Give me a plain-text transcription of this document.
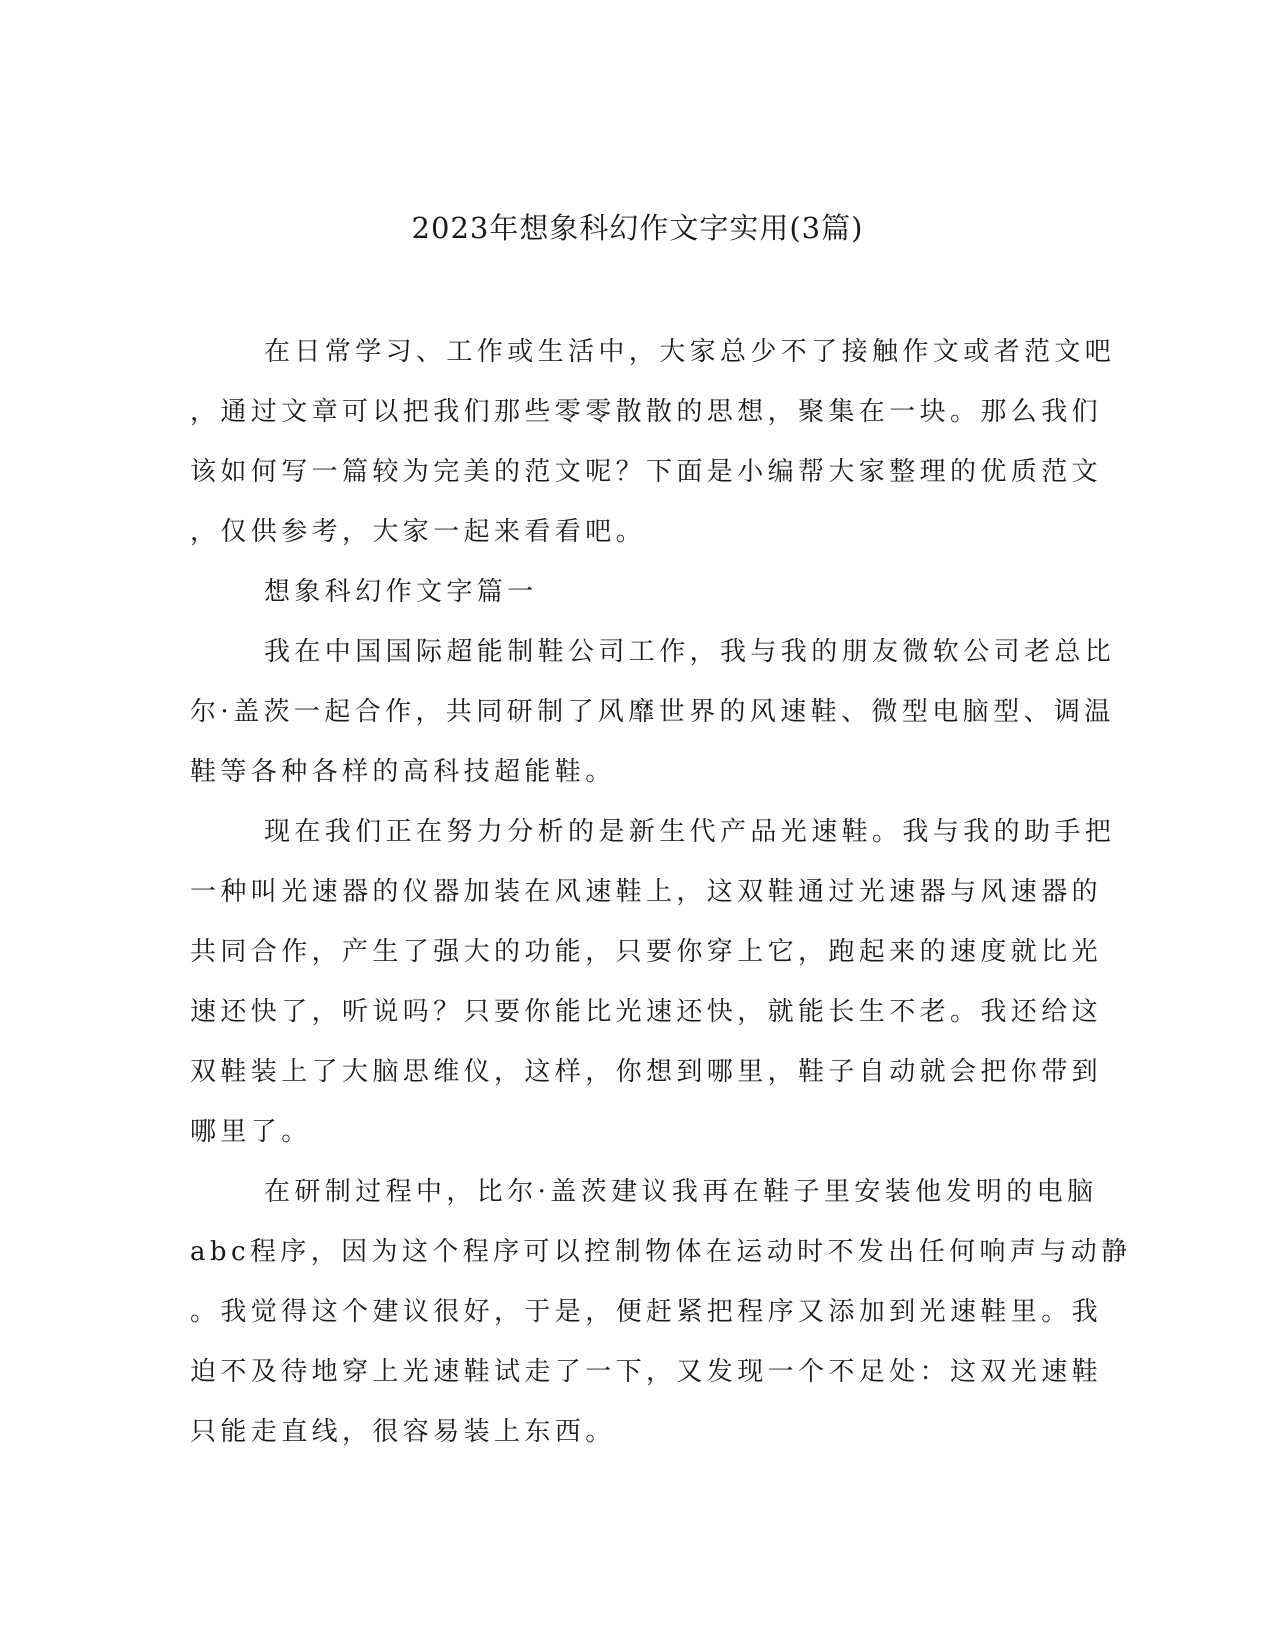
2023年想象科幻作文字实用(3篇)

在日常学习、工作或生活中，大家总少不了接触作文或者范文吧
，通过文章可以把我们那些零零散散的思想，聚集在一块。那么我们
该如何写一篇较为完美的范文呢？下面是小编帮大家整理的优质范文
，仅供参考，大家一起来看看吧。

想象科幻作文字篇一

我在中国国际超能制鞋公司工作，我与我的朋友微软公司老总比
尔·盖茨一起合作，共同研制了风靡世界的风速鞋、微型电脑型、调温
鞋等各种各样的高科技超能鞋。

现在我们正在努力分析的是新生代产品光速鞋。我与我的助手把
一种叫光速器的仪器加装在风速鞋上，这双鞋通过光速器与风速器的
共同合作，产生了强大的功能，只要你穿上它，跑起来的速度就比光
速还快了，听说吗？只要你能比光速还快，就能长生不老。我还给这
双鞋装上了大脑思维仪，这样，你想到哪里，鞋子自动就会把你带到
哪里了。

在研制过程中，比尔·盖茨建议我再在鞋子里安装他发明的电脑
abc程序，因为这个程序可以控制物体在运动时不发出任何响声与动静
。我觉得这个建议很好，于是，便赶紧把程序又添加到光速鞋里。我
迫不及待地穿上光速鞋试走了一下，又发现一个不足处：这双光速鞋
只能走直线，很容易装上东西。
